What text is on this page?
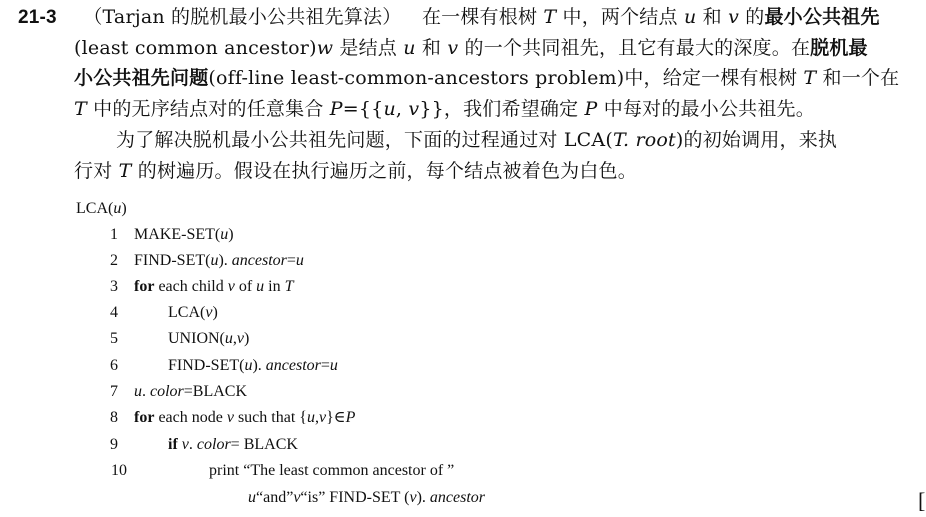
21-3 （Tarjan 的脱机最小公共祖先算法） 在一棵有根树 T 中，两个结点 u 和 v 的最小公共祖先
(least common ancestor)w 是结点 u 和 v 的一个共同祖先，且它有最大的深度。在脱机最
小公共祖先问题(off-line least-common-ancestors problem)中，给定一棵有根树 T 和一个在
T 中的无序结点对的任意集合 P={{u, v}}，我们希望确定 P 中每对的最小公共祖先。
为了解决脱机最小公共祖先问题，下面的过程通过对 LCA(T. root)的初始调用，来执
行对 T 的树遍历。假设在执行遍历之前，每个结点被着色为白色。
LCA(u)
1 MAKE-SET(u)
2 FIND-SET(u). ancestor=u
3 for each child v of u in T
4	LCA(v)
5	UNION(u,v)
6	FIND-SET(u). ancestor=u
7 u. color=BLACK
8 for each node v such that {u,v}∈P
9	if v. color= BLACK
10	print “The least common ancestor of ”
u“and”v“is” FIND-SET (v). ancestor	[
